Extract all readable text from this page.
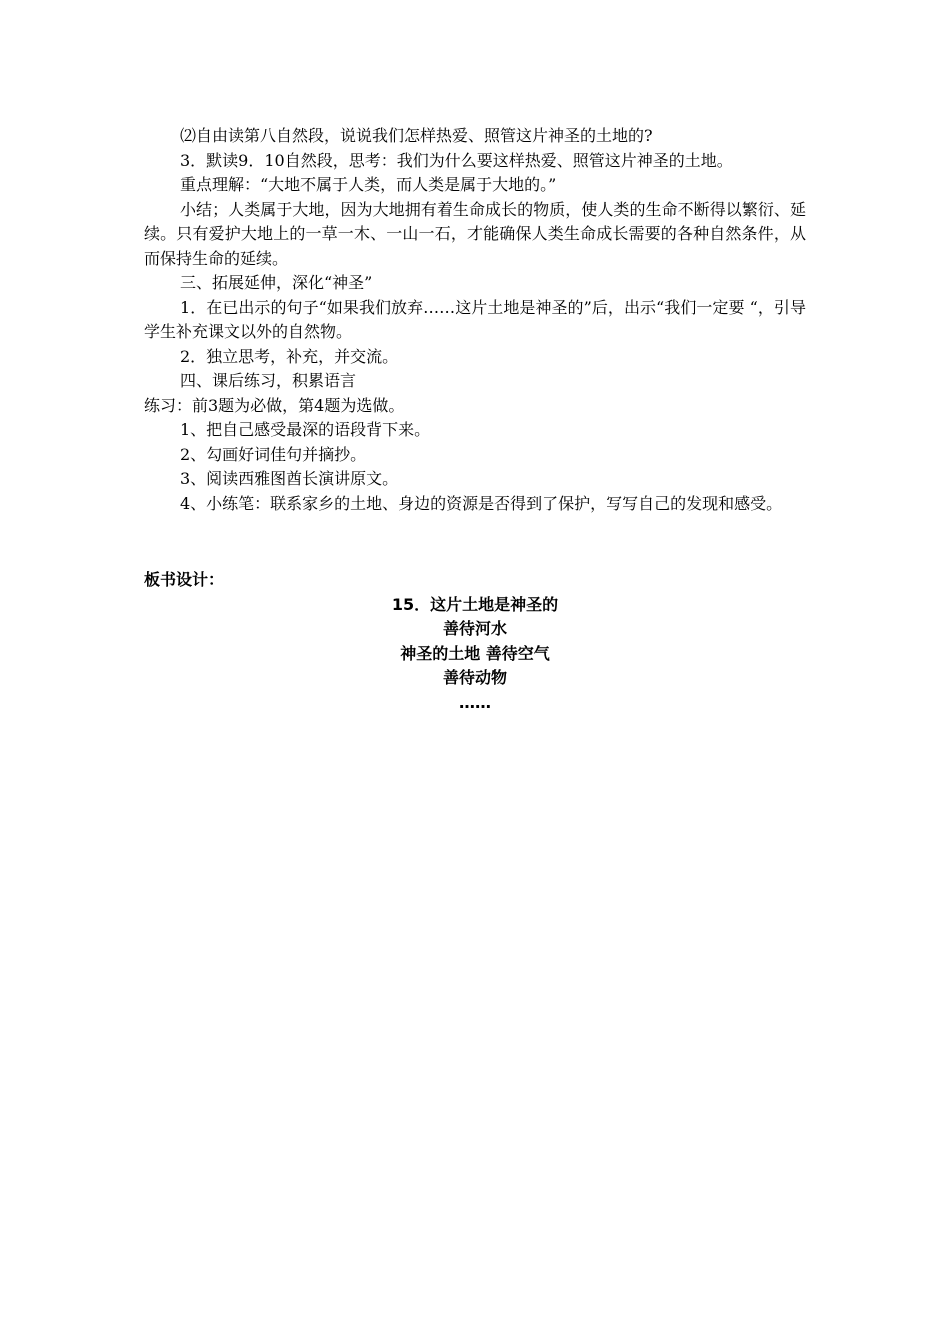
⑵自由读第八自然段，说说我们怎样热爱、照管这片神圣的土地的?

3．默读9．10自然段，思考：我们为什么要这样热爱、照管这片神圣的土地。

重点理解：“大地不属于人类，而人类是属于大地的。”

小结；人类属于大地，因为大地拥有着生命成长的物质，使人类的生命不断得以繁衍、延续。只有爱护大地上的一草一木、一山一石，才能确保人类生命成长需要的各种自然条件，从而保持生命的延续。

三、拓展延伸，深化“神圣”

1．在已出示的句子“如果我们放弃……这片土地是神圣的”后，出示“我们一定要 “，引导学生补充课文以外的自然物。

2．独立思考，补充，并交流。

四、课后练习，积累语言

练习：前3题为必做，第4题为选做。

1、把自己感受最深的语段背下来。

2、勾画好词佳句并摘抄。

3、阅读西雅图酋长演讲原文。

4、小练笔：联系家乡的土地、身边的资源是否得到了保护，写写自己的发现和感受。

板书设计：

15．这片土地是神圣的

善待河水

神圣的土地 善待空气

善待动物

……
